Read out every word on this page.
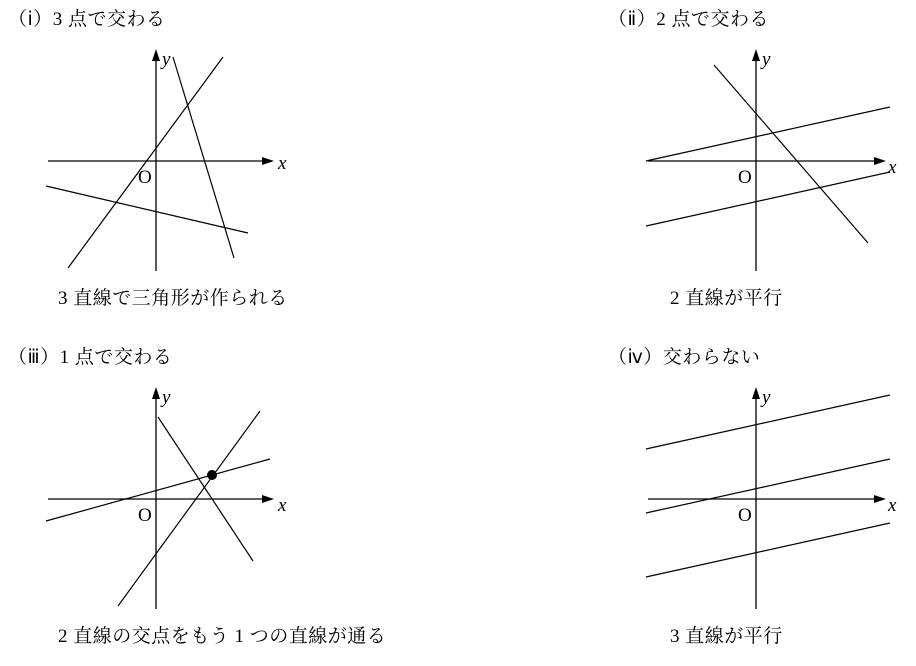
（ⅰ）3 点で交わる
O
x
y
3 直線で三角形が作られる
（ⅱ）2 点で交わる
O	x
y
2 直線が平行
（ⅲ）1 点で交わる
O	x
y
2 直線の交点をもう 1 つの直線が通る
（ⅳ）交わらない
O	x
y
3 直線が平行
